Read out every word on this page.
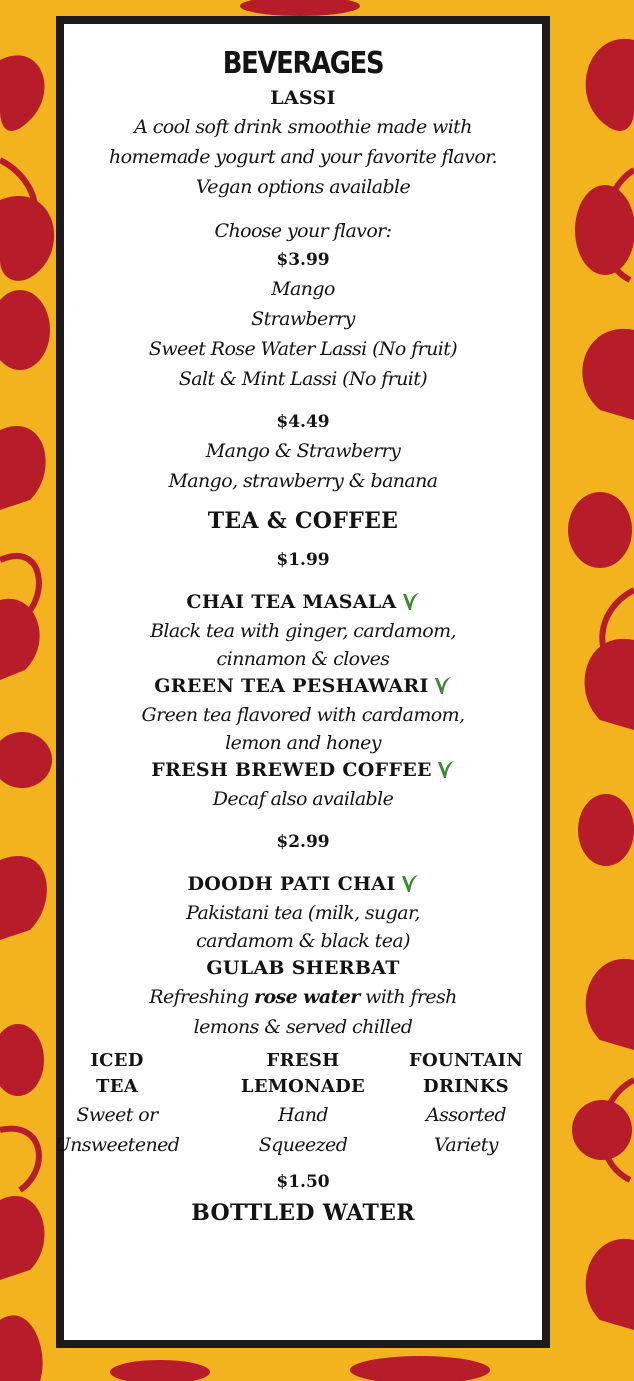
BEVERAGES
LASSI
A cool soft drink smoothie made with
homemade yogurt and your favorite flavor.
Vegan options available
Choose your flavor:
$3.99
Mango
Strawberry
Sweet Rose Water Lassi (No fruit)
Salt & Mint Lassi (No fruit)
$4.49
Mango & Strawberry
Mango, strawberry & banana
TEA & COFFEE
$1.99
CHAI TEA MASALA
Black tea with ginger, cardamom,
cinnamon & cloves
GREEN TEA PESHAWARI
Green tea flavored with cardamom,
lemon and honey
FRESH BREWED COFFEE
Decaf also available
$2.99
DOODH PATI CHAI
Pakistani tea (milk, sugar,
cardamom & black tea)
GULAB SHERBAT
Refreshing rose water with fresh
lemons & served chilled
ICED
TEA
Sweet or
Unsweetened
FRESH
LEMONADE
Hand
Squeezed
FOUNTAIN
DRINKS
Assorted
Variety
$1.50
BOTTLED WATER
